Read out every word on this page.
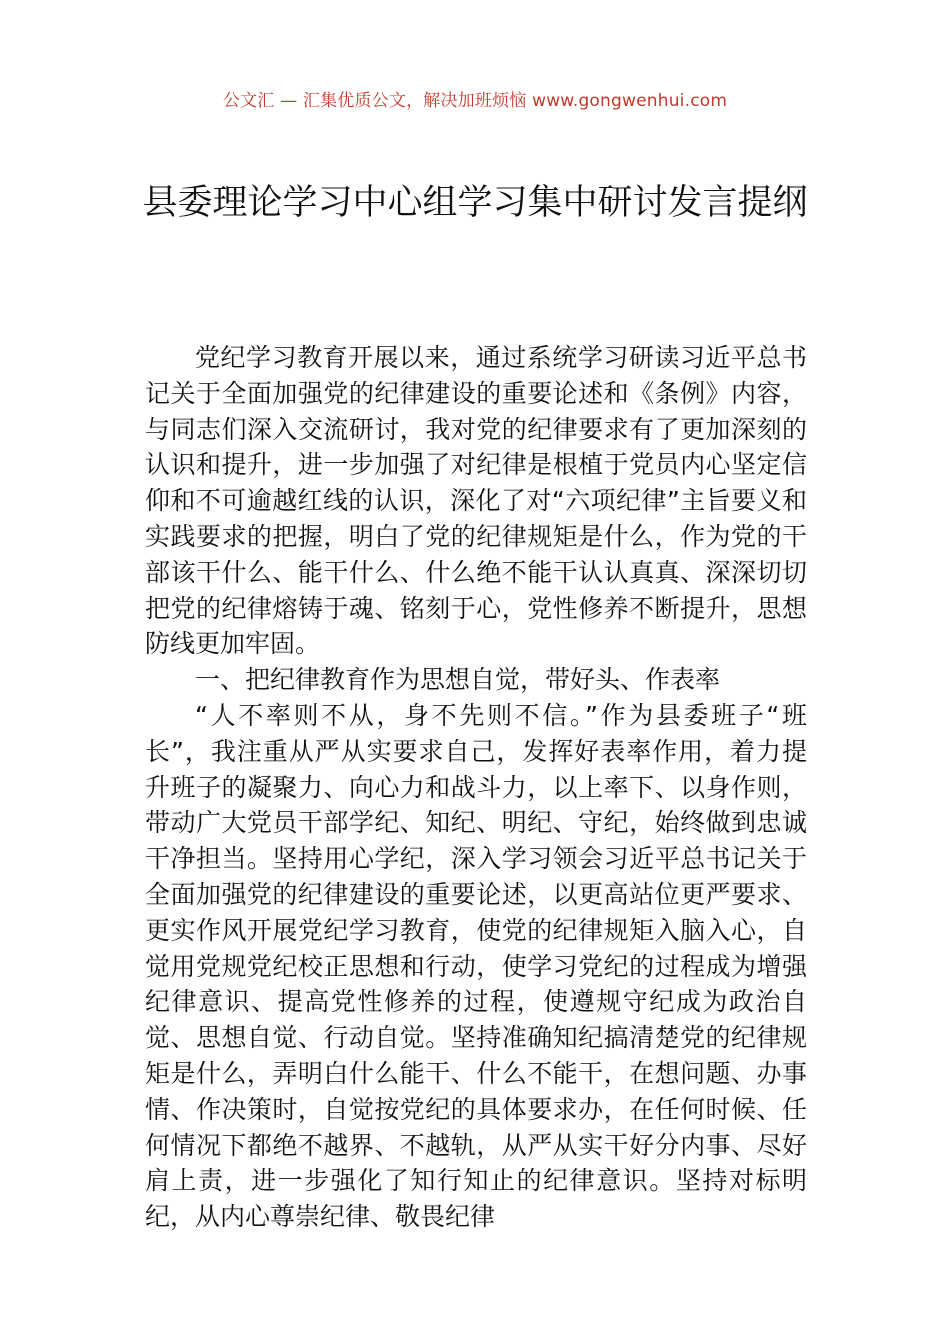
公文汇 — 汇集优质公文，解决加班烦恼 www.gongwenhui.com
县委理论学习中心组学习集中研讨发言提纲

党纪学习教育开展以来，通过系统学习研读习近平总书记关于全面加强党的纪律建设的重要论述和《条例》内容，与同志们深入交流研讨，我对党的纪律要求有了更加深刻的认识和提升，进一步加强了对纪律是根植于党员内心坚定信仰和不可逾越红线的认识，深化了对“六项纪律”主旨要义和实践要求的把握，明白了党的纪律规矩是什么，作为党的干部该干什么、能干什么、什么绝不能干认认真真、深深切切把党的纪律熔铸于魂、铭刻于心，党性修养不断提升，思想防线更加牢固。

一、把纪律教育作为思想自觉，带好头、作表率

“人不率则不从，身不先则不信。”作为县委班子“班长”，我注重从严从实要求自己，发挥好表率作用，着力提升班子的凝聚力、向心力和战斗力，以上率下、以身作则，带动广大党员干部学纪、知纪、明纪、守纪，始终做到忠诚干净担当。坚持用心学纪，深入学习领会习近平总书记关于全面加强党的纪律建设的重要论述，以更高站位更严要求、更实作风开展党纪学习教育，使党的纪律规矩入脑入心，自觉用党规党纪校正思想和行动，使学习党纪的过程成为增强纪律意识、提高党性修养的过程，使遵规守纪成为政治自觉、思想自觉、行动自觉。坚持准确知纪搞清楚党的纪律规矩是什么，弄明白什么能干、什么不能干，在想问题、办事情、作决策时，自觉按党纪的具体要求办，在任何时候、任何情况下都绝不越界、不越轨，从严从实干好分内事、尽好肩上责，进一步强化了知行知止的纪律意识。坚持对标明纪，从内心尊崇纪律、敬畏纪律
